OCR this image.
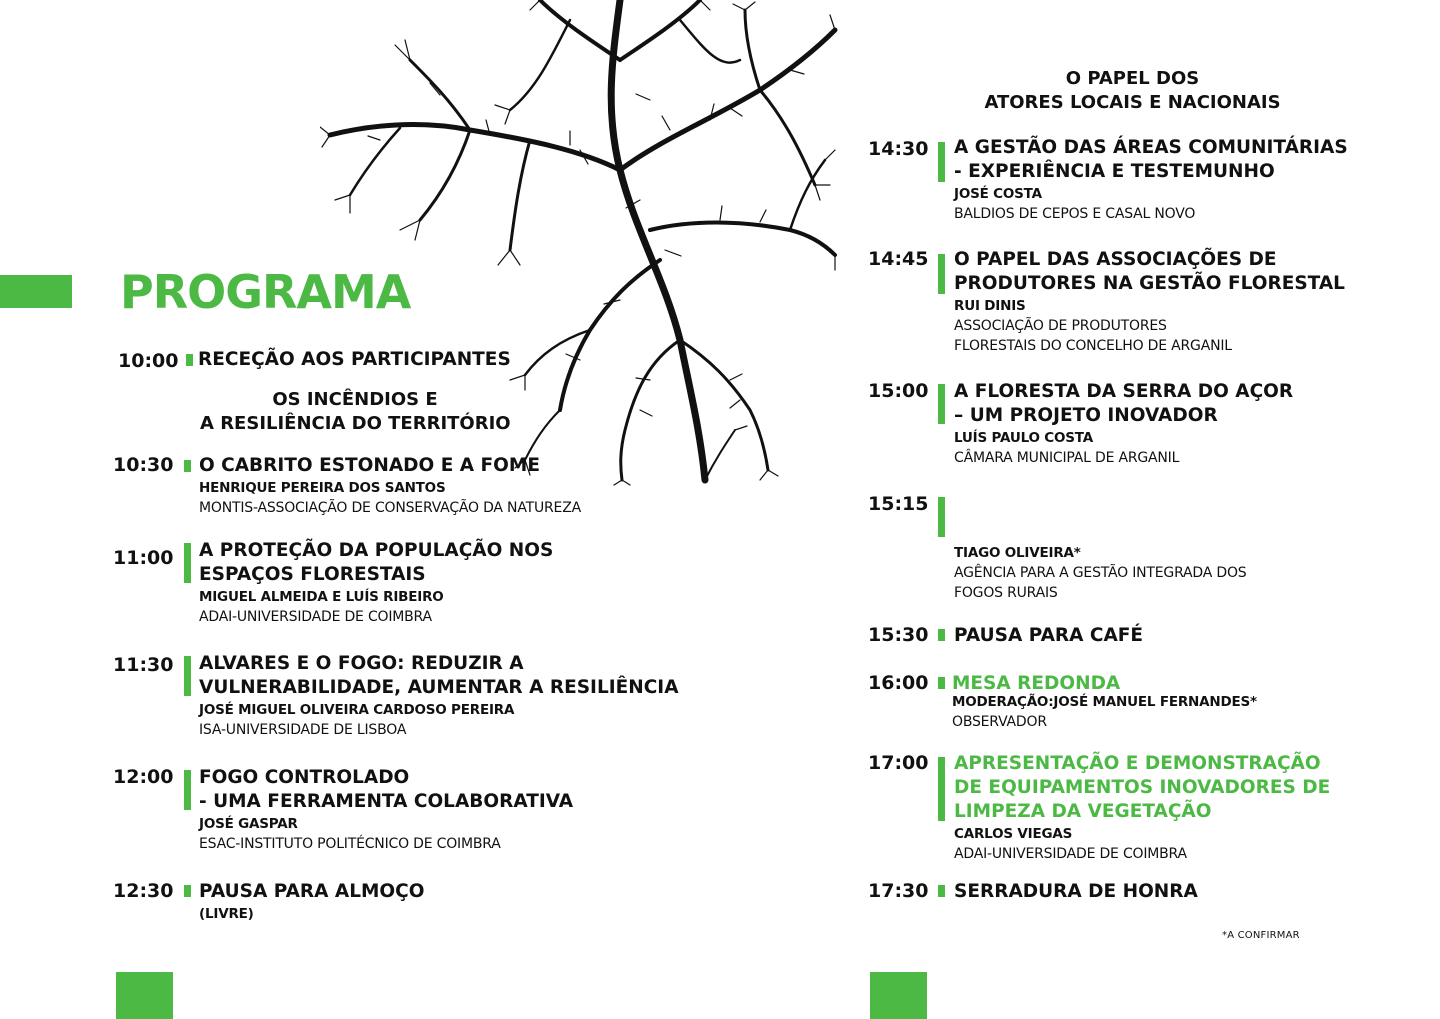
PROGRAMA
10:00 RECEÇÃO AOS PARTICIPANTES
OS INCÊNDIOS E
A RESILIÊNCIA DO TERRITÓRIO
10:30 O CABRITO ESTONADO E A FOME
HENRIQUE PEREIRA DOS SANTOS
MONTIS-ASSOCIAÇÃO DE CONSERVAÇÃO DA NATUREZA
11:00 A PROTEÇÃO DA POPULAÇÃO NOS
ESPAÇOS FLORESTAIS
MIGUEL ALMEIDA E LUÍS RIBEIRO
ADAI-UNIVERSIDADE DE COIMBRA
11:30 ALVARES E O FOGO: REDUZIR A
VULNERABILIDADE, AUMENTAR A RESILIÊNCIA
JOSÉ MIGUEL OLIVEIRA CARDOSO PEREIRA
ISA-UNIVERSIDADE DE LISBOA
12:00 FOGO CONTROLADO
- UMA FERRAMENTA COLABORATIVA
JOSÉ GASPAR
ESAC-INSTITUTO POLITÉCNICO DE COIMBRA
12:30 PAUSA PARA ALMOÇO
(LIVRE)
O PAPEL DOS
ATORES LOCAIS E NACIONAIS
14:30 A GESTÃO DAS ÁREAS COMUNITÁRIAS
- EXPERIÊNCIA E TESTEMUNHO
JOSÉ COSTA
BALDIOS DE CEPOS E CASAL NOVO
14:45 O PAPEL DAS ASSOCIAÇÕES DE
PRODUTORES NA GESTÃO FLORESTAL
RUI DINIS
ASSOCIAÇÃO DE PRODUTORES
FLORESTAIS DO CONCELHO DE ARGANIL
15:00 A FLORESTA DA SERRA DO AÇOR
– UM PROJETO INOVADOR
LUÍS PAULO COSTA
CÂMARA MUNICIPAL DE ARGANIL
15:15
TIAGO OLIVEIRA*
AGÊNCIA PARA A GESTÃO INTEGRADA DOS
FOGOS RURAIS
15:30 PAUSA PARA CAFÉ
16:00 MESA REDONDA
MODERAÇÃO:JOSÉ MANUEL FERNANDES*
OBSERVADOR
17:00 APRESENTAÇÃO E DEMONSTRAÇÃO
DE EQUIPAMENTOS INOVADORES DE
LIMPEZA DA VEGETAÇÃO
CARLOS VIEGAS
ADAI-UNIVERSIDADE DE COIMBRA
17:30 SERRADURA DE HONRA
*A CONFIRMAR
